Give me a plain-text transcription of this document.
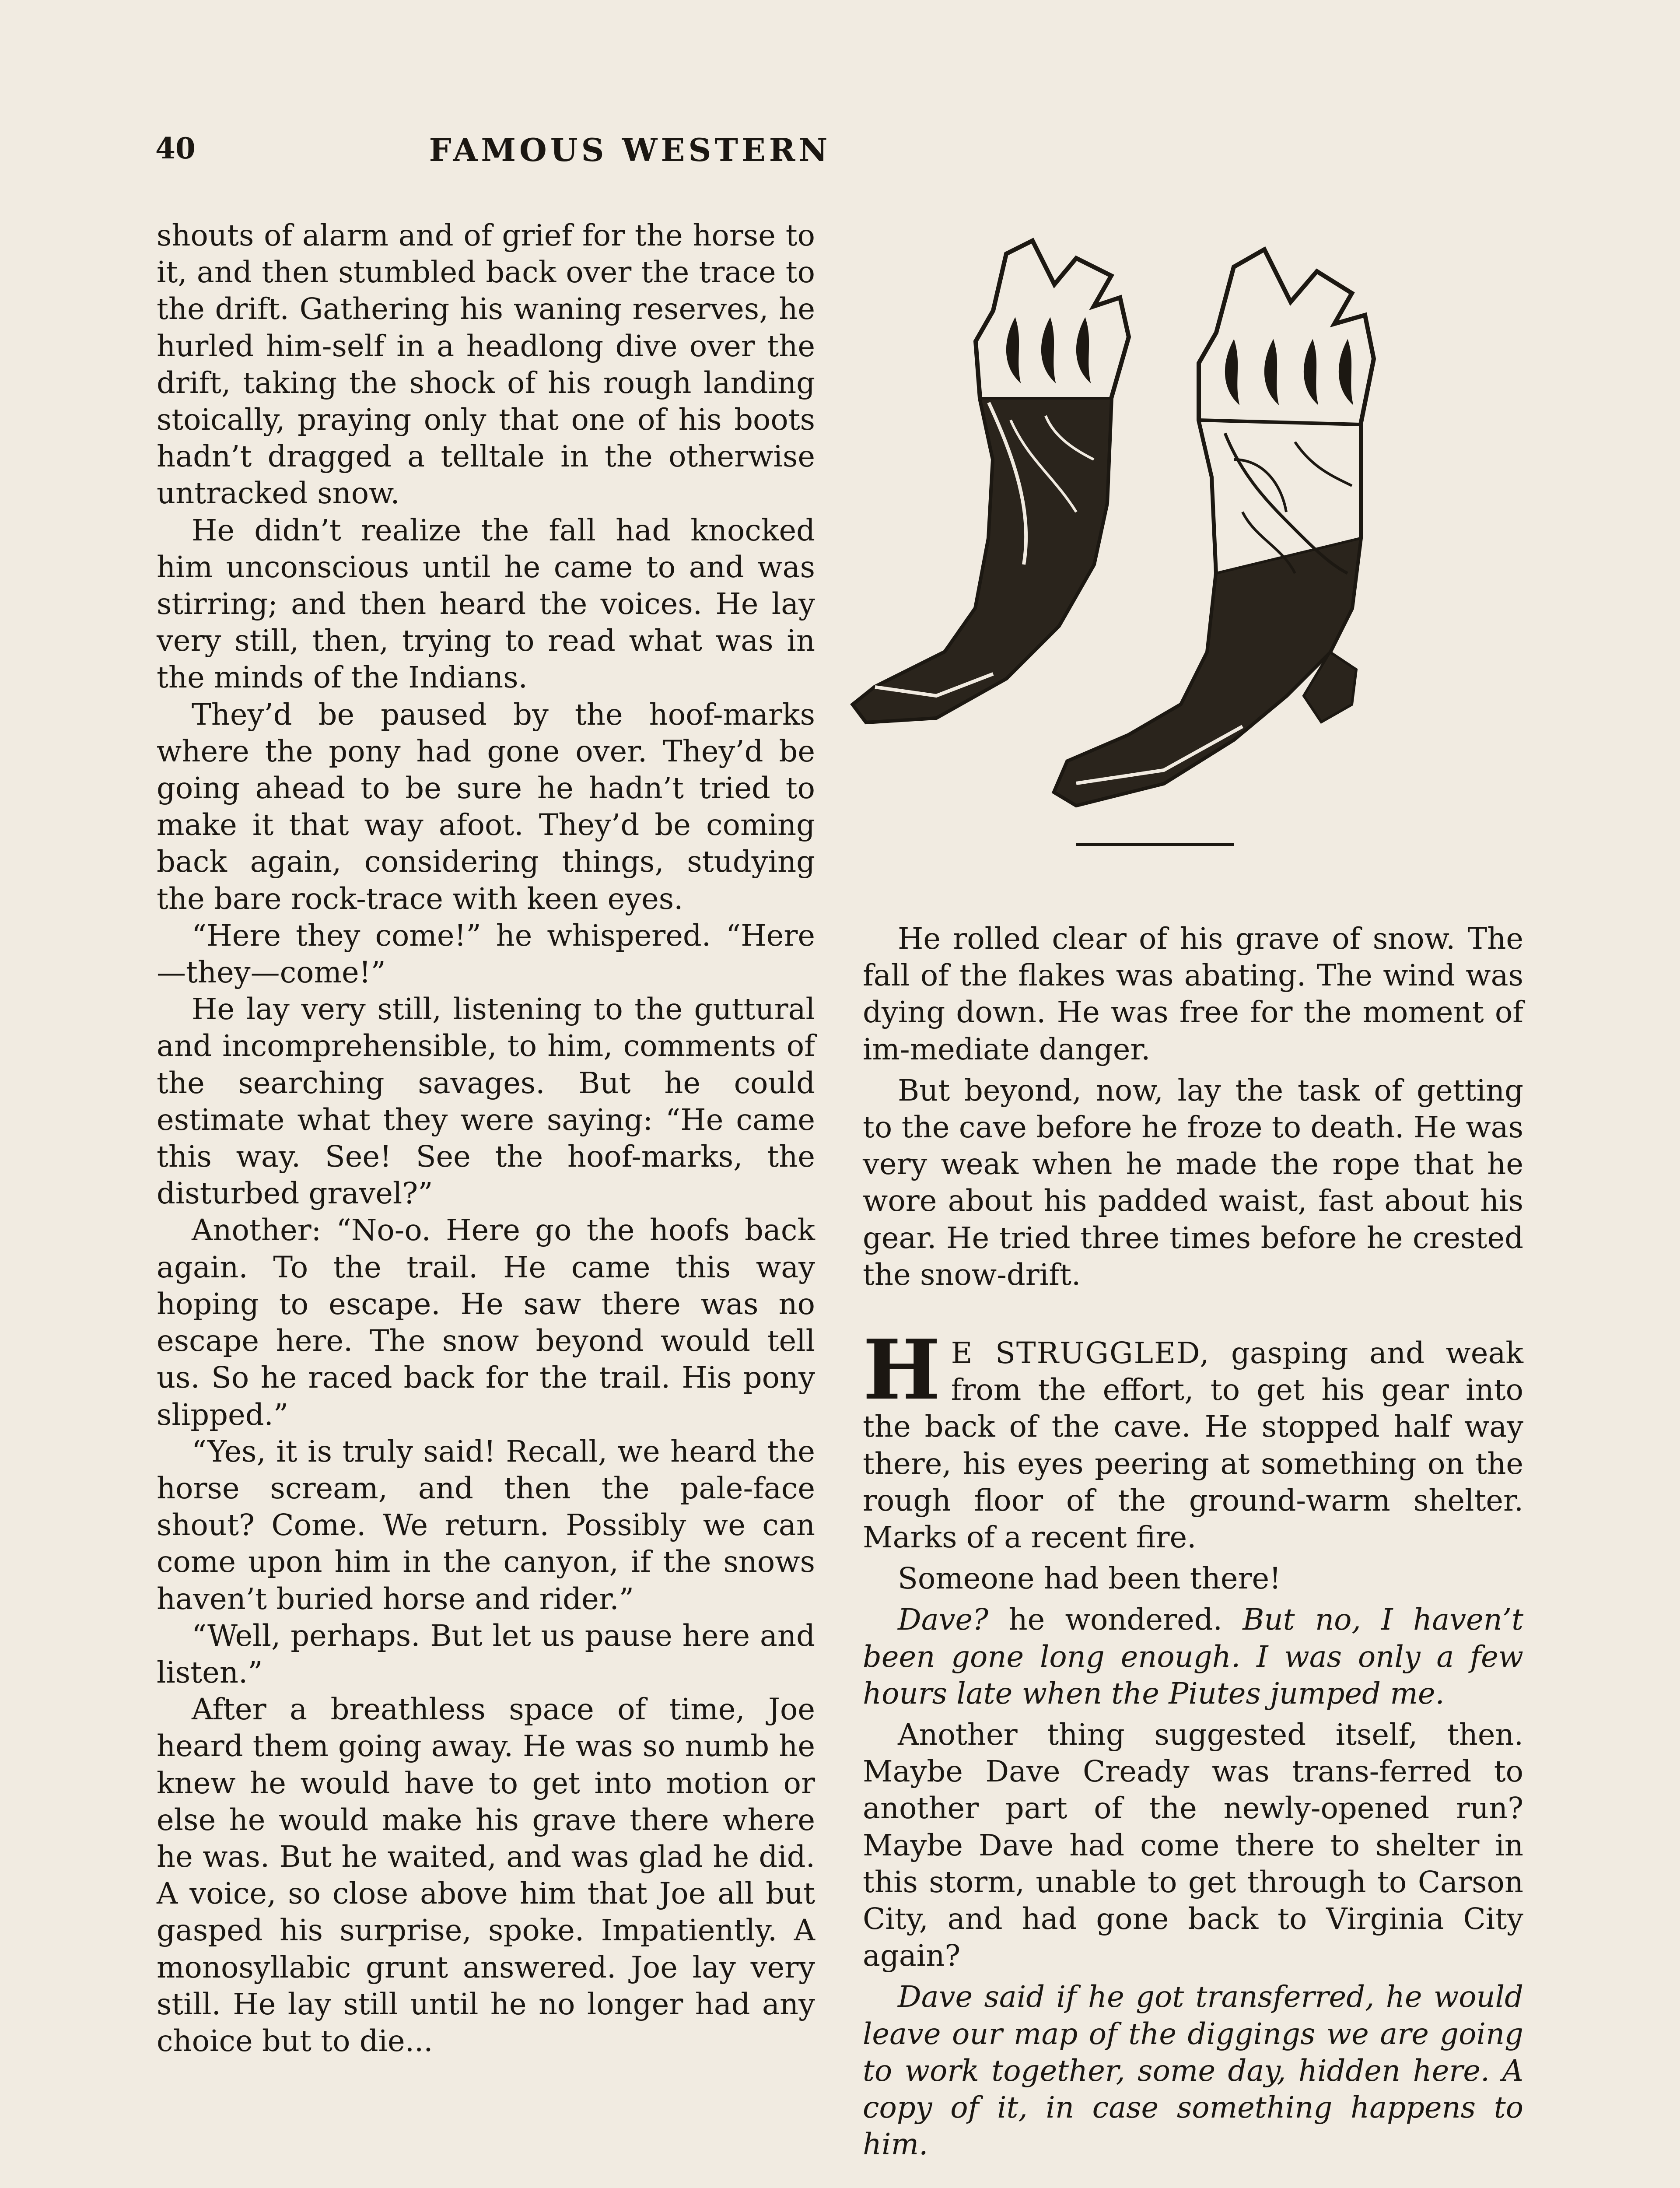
40	FAMOUS WESTERN

shouts of alarm and of grief for the horse to it, and then stumbled back over the trace to the drift. Gathering his waning reserves, he hurled him-self in a headlong dive over the drift, taking the shock of his rough landing stoically, praying only that one of his boots hadn’t dragged a telltale in the otherwise untracked snow.

He didn’t realize the fall had knocked him unconscious until he came to and was stirring; and then heard the voices. He lay very still, then, trying to read what was in the minds of the Indians.

They’d be paused by the hoof-marks where the pony had gone over. They’d be going ahead to be sure he hadn’t tried to make it that way afoot. They’d be coming back again, considering things, studying the bare rock-trace with keen eyes.

“Here they come!” he whispered. “Here—they—come!”

He lay very still, listening to the guttural and incomprehensible, to him, comments of the searching savages. But he could estimate what they were saying: “He came this way. See! See the hoof-marks, the disturbed gravel?”

Another: “No-o. Here go the hoofs back again. To the trail. He came this way hoping to escape. He saw there was no escape here. The snow beyond would tell us. So he raced back for the trail. His pony slipped.”

“Yes, it is truly said! Recall, we heard the horse scream, and then the pale-face shout? Come. We return. Possibly we can come upon him in the canyon, if the snows haven’t buried horse and rider.”

“Well, perhaps. But let us pause here and listen.”

After a breathless space of time, Joe heard them going away. He was so numb he knew he would have to get into motion or else he would make his grave there where he was. But he waited, and was glad he did. A voice, so close above him that Joe all but gasped his surprise, spoke. Impatiently. A monosyllabic grunt answered. Joe lay very still. He lay still until he no longer had any choice but to die...

He rolled clear of his grave of snow. The fall of the flakes was abating. The wind was dying down. He was free for the moment of im-mediate danger.

But beyond, now, lay the task of getting to the cave before he froze to death. He was very weak when he made the rope that he wore about his padded waist, fast about his gear. He tried three times before he crested the snow-drift.

H E STRUGGLED, gasping and weak from the effort, to get his gear into the back of the cave. He stopped half way there, his eyes peering at something on the rough floor of the ground-warm shelter. Marks of a recent fire.

Someone had been there!

Dave? he wondered. But no, I haven’t been gone long enough. I was only a few hours late when the Piutes jumped me.

Another thing suggested itself, then. Maybe Dave Cready was trans-ferred to another part of the newly-opened run? Maybe Dave had come there to shelter in this storm, unable to get through to Carson City, and had gone back to Virginia City again?

Dave said if he got transferred, he would leave our map of the diggings we are going to work together, some day, hidden here. A copy of it, in case something happens to him.
